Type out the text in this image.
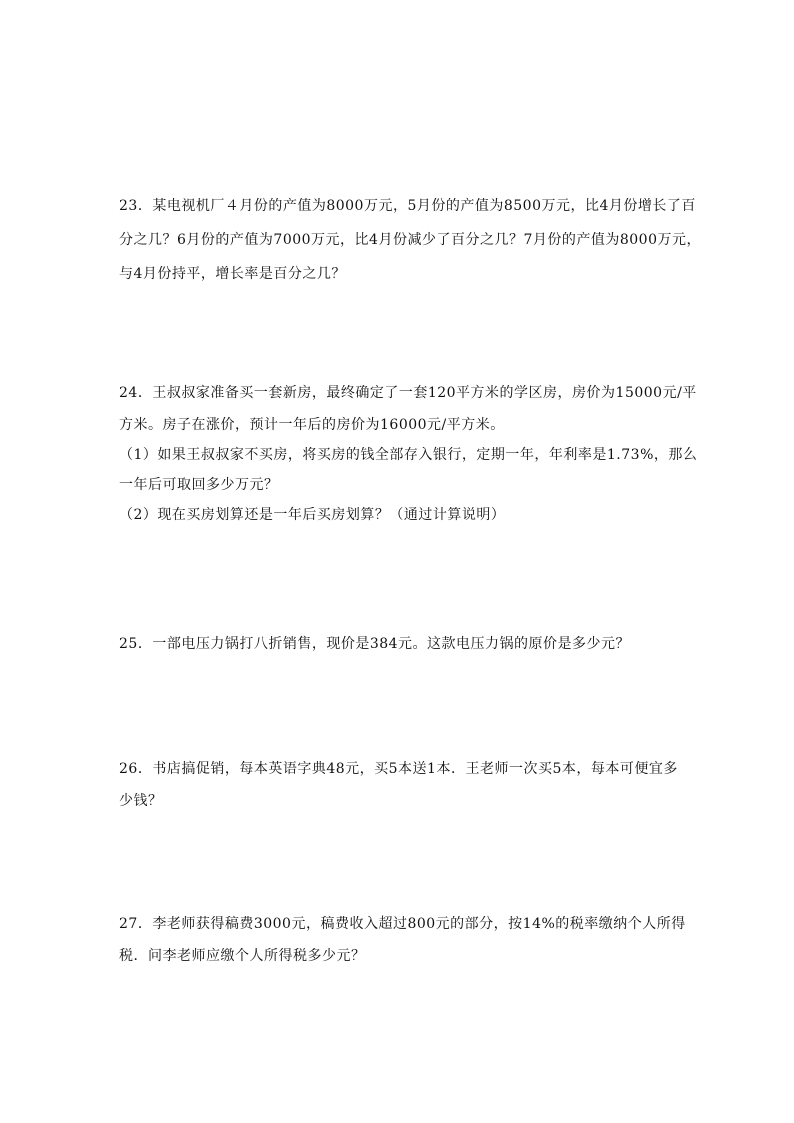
23．某电视机厂４月份的产值为8000万元，5月份的产值为8500万元，比4月份增长了百
分之几？6月份的产值为7000万元，比4月份减少了百分之几？7月份的产值为8000万元，
与4月份持平，增长率是百分之几？
24．王叔叔家准备买一套新房，最终确定了一套120平方米的学区房，房价为15000元/平
方米。房子在涨价，预计一年后的房价为16000元/平方米。
（1）如果王叔叔家不买房，将买房的钱全部存入银行，定期一年，年利率是1.73%，那么
一年后可取回多少万元？
（2）现在买房划算还是一年后买房划算？（通过计算说明）
25．一部电压力锅打八折销售，现价是384元。这款电压力锅的原价是多少元？
26．书店搞促销，每本英语字典48元，买5本送1本．王老师一次买5本，每本可便宜多
少钱？
27．李老师获得稿费3000元，稿费收入超过800元的部分，按14%的税率缴纳个人所得
税．问李老师应缴个人所得税多少元？
